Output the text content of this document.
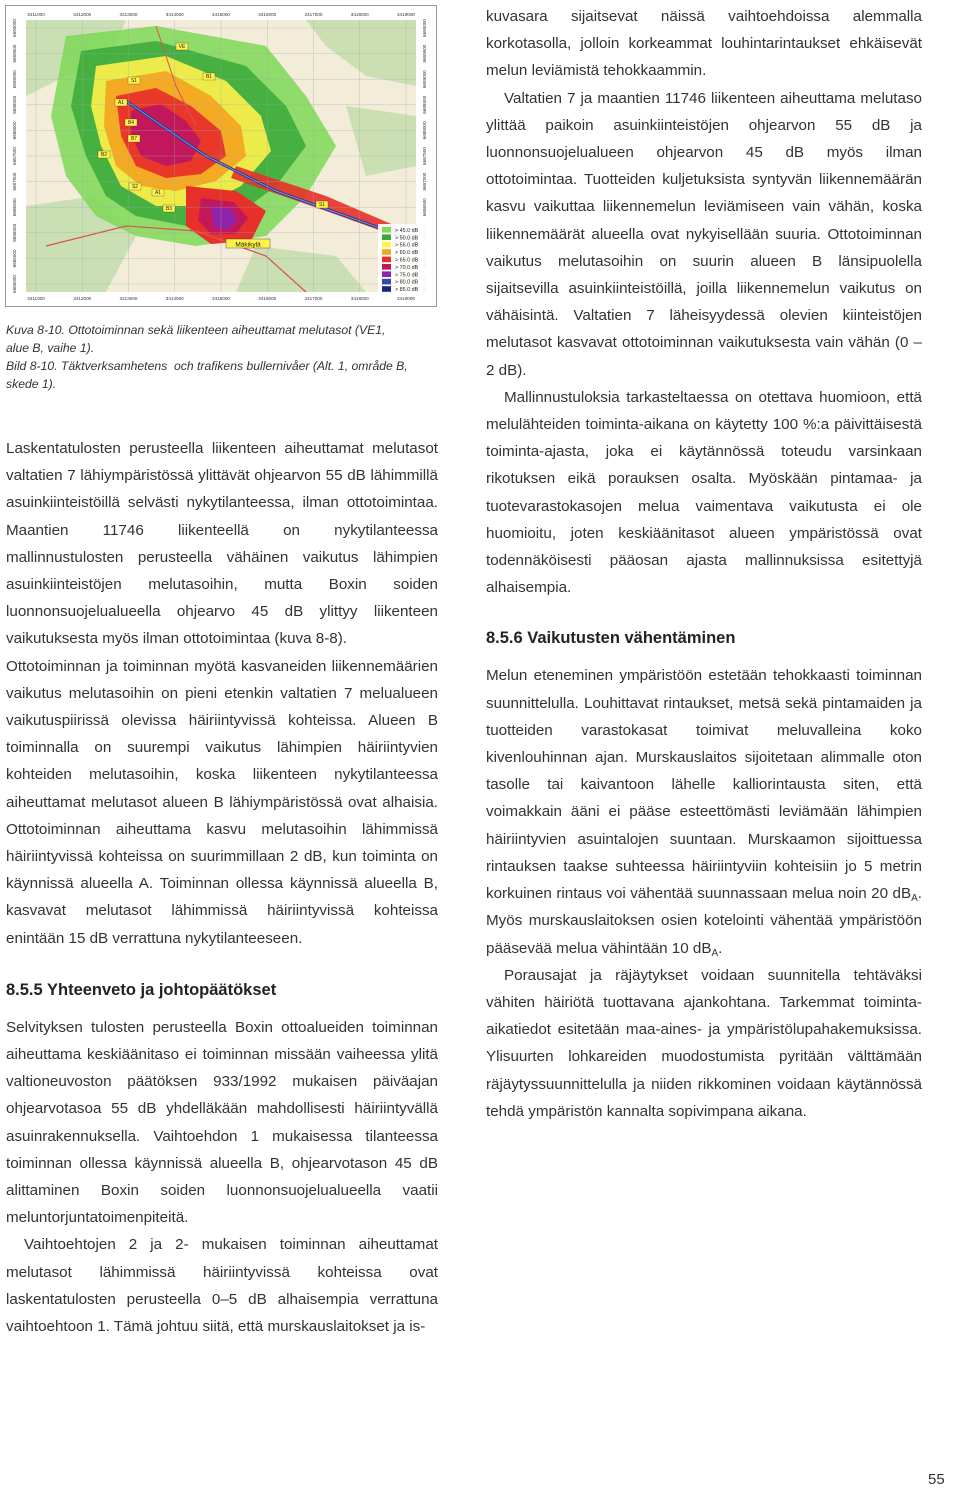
VE
S1
A1
B4
B7
S2
A1
B3
S1
B1
B2
Mäkikylä
3411000
3411000
3412000
3412000
3413000
3413000
3414000
3414000
3415000
3415000
3416000
3416000
3417000
3417000
3418000
3418000
3419000
3419000
6690000	6690000
6689500	6689500
6689000	6689000
6688500	6688500
6688000	6688000
6687500	6687500
6687000	6687000
6686500	6686500
6686000
6685500
6685000
> 45.0 dB
> 50.0 dB
> 55.0 dB
> 60.0 dB
> 65.0 dB
> 70.0 dB
> 75.0 dB
> 80.0 dB
> 85.0 dB
Kuva 8-10. Ottotoiminnan sekä liikenteen aiheuttamat melutasot (VE1,
alue B, vaihe 1).
Bild 8-10. Täktverksamhetens  och trafikens bullernivåer (Alt. 1, område B,
skede 1).

Laskentatulosten perusteella liikenteen aiheuttamat melutasot valtatien 7 lähiympäristössä ylittävät ohjearvon 55 dB lähimmillä asuinkiinteistöillä selvästi nykytilanteessa, ilman ottotoimintaa. Maantien 11746 liikenteellä on nykytilanteessa mallinnustulosten perusteella vähäinen vaikutus lähimpien asuinkiinteistöjen melutasoihin, mutta Boxin soiden luonnonsuojelualueella ohjearvo 45 dB ylittyy liikenteen vaikutuksesta myös ilman ottotoimintaa (kuva 8-8).

Ottotoiminnan ja toiminnan myötä kasvaneiden liikennemäärien vaikutus melutasoihin on pieni etenkin valtatien 7 melualueen vaikutuspiirissä olevissa häiriintyvissä kohteissa. Alueen B toiminnalla on suurempi vaikutus lähimpien häiriintyvien kohteiden melutasoihin, koska liikenteen nykytilanteessa aiheuttamat melutasot alueen B lähiympäristössä ovat alhaisia. Ottotoiminnan aiheuttama kasvu melutasoihin lähimmissä häiriintyvissä kohteissa on suurimmillaan 2 dB, kun toiminta on käynnissä alueella A. Toiminnan ollessa käynnissä alueella B, kasvavat melutasot lähimmissä häiriintyvissä kohteissa enintään 15 dB verrattuna nykytilanteeseen.

8.5.5 Yhteenveto ja johtopäätökset

Selvityksen tulosten perusteella Boxin ottoalueiden toiminnan aiheuttama keskiäänitaso ei toiminnan missään vaiheessa ylitä valtioneuvoston päätöksen 933/1992 mukaisen päiväajan ohjearvotasoa 55 dB yhdelläkään mahdollisesti häiriintyvällä asuinrakennuksella. Vaihtoehdon 1 mukaisessa tilanteessa toiminnan ollessa käynnissä alueella B, ohjearvotason 45 dB alittaminen Boxin soiden luonnonsuojelualueella vaatii meluntorjuntatoimenpiteitä.

Vaihtoehtojen 2 ja 2- mukaisen toiminnan aiheuttamat melutasot lähimmissä häiriintyvissä kohteissa ovat laskentatulosten perusteella 0–5 dB alhaisempia verrattuna vaihtoehtoon 1. Tämä johtuu siitä, että murskauslaitokset ja is-

kuvasara sijaitsevat näissä vaihtoehdoissa alemmalla korkotasolla, jolloin korkeammat louhintarintaukset ehkäisevät melun leviämistä tehokkaammin.

Valtatien 7 ja maantien 11746 liikenteen aiheuttama melutaso ylittää paikoin asuinkiinteistöjen ohjearvon 55 dB ja luonnonsuojelualueen ohjearvon 45 dB myös ilman ottotoimintaa. Tuotteiden kuljetuksista syntyvän liikennemäärän kasvu vaikuttaa liikennemelun leviämiseen vain vähän, koska liikennemäärät alueella ovat nykyisellään suuria. Ottotoiminnan vaikutus melutasoihin on suurin alueen B länsipuolella sijaitsevilla asuinkiinteistöillä, joilla liikennemelun vaikutus on vähäisintä. Valtatien 7 läheisyydessä olevien kiinteistöjen melutasot kasvavat ottotoiminnan vaikutuksesta vain vähän (0 – 2 dB).

Mallinnustuloksia tarkasteltaessa on otettava huomioon, että melulähteiden toiminta-aikana on käytetty 100 %:a päivittäisestä toiminta-ajasta, joka ei käytännössä toteudu varsinkaan rikotuksen eikä porauksen osalta. Myöskään pintamaa- ja tuotevarastokasojen melua vaimentava vaikutusta ei ole huomioitu, joten keskiäänitasot alueen ympäristössä ovat todennäköisesti pääosan ajasta mallinnuksissa esitettyjä alhaisempia.

8.5.6 Vaikutusten vähentäminen

Melun eteneminen ympäristöön estetään tehokkaasti toiminnan suunnittelulla. Louhittavat rintaukset, metsä sekä pintamaiden ja tuotteiden varastokasat toimivat meluvalleina koko kivenlouhinnan ajan. Murskauslaitos sijoitetaan alimmalle oton tasolle tai kaivantoon lähelle kalliorintausta siten, että voimakkain ääni ei pääse esteettömästi leviämään lähimpien häiriintyvien asuintalojen suuntaan. Murskaamon sijoittuessa rintauksen taakse suhteessa häiriintyviin kohteisiin jo 5 metrin korkuinen rintaus voi vähentää suunnassaan melua noin 20 $dB_A$. Myös murskauslaitoksen osien kotelointi vähentää ympäristöön pääsevää melua vähintään 10 $dB_A$.

Porausajat ja räjäytykset voidaan suunnitella tehtäväksi vähiten häiriötä tuottavana ajankohtana. Tarkemmat toiminta-aikatiedot esitetään maa-aines- ja ympäristölupahakemuksissa. Ylisuurten lohkareiden muodostumista pyritään välttämään räjäytyssuunnittelulla ja niiden rikkominen voidaan käytännössä tehdä ympäristön kannalta sopivimpana aikana.

55
